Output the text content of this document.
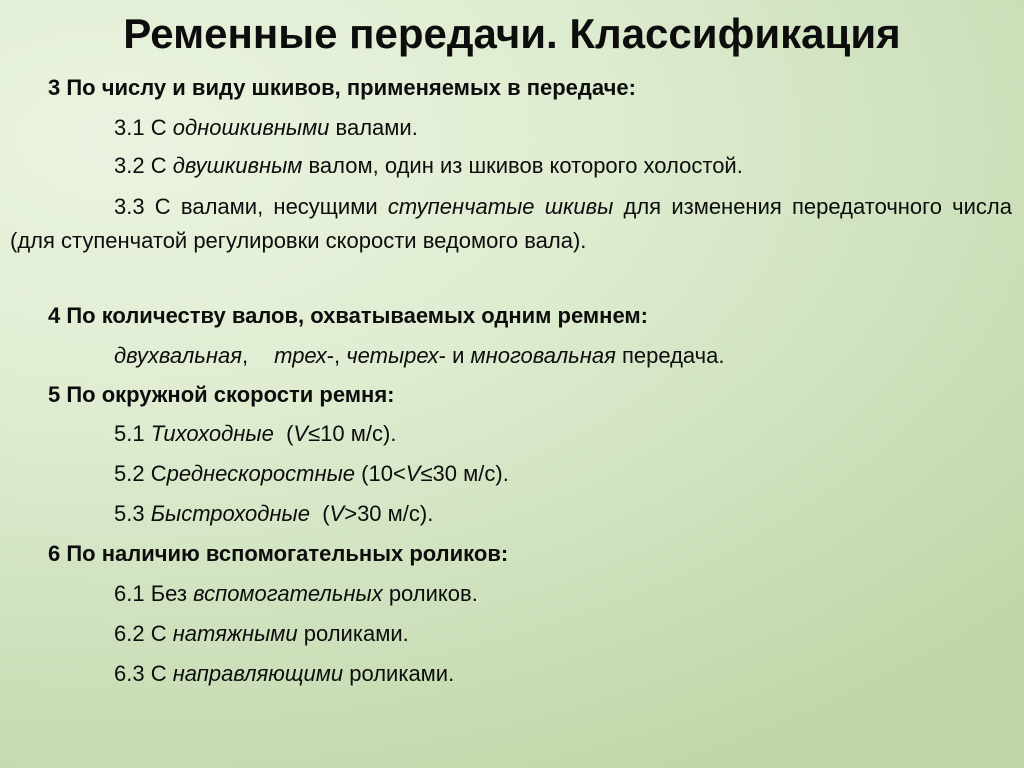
Ременные передачи. Классификация
3 По числу и виду шкивов, применяемых в передаче:
3.1 С одношкивными валами.
3.2 С двушкивным валом, один из шкивов которого холостой.
3.3 С валами, несущими ступенчатые шкивы для изменения передаточного числа (для ступенчатой регулировки скорости ведомого вала).
4 По количеству валов, охватываемых одним ремнем:
двухвальная, трех-, четырех- и многовальная передача.
5 По окружной скорости ремня:
5.1 Тихоходные  (V≤10 м/с).
5.2 Среднескоростные (10<V≤30 м/с).
5.3 Быстроходные  (V>30 м/с).
6 По наличию вспомогательных роликов:
6.1 Без вспомогательных роликов.
6.2 С натяжными роликами.
6.3 С направляющими роликами.
